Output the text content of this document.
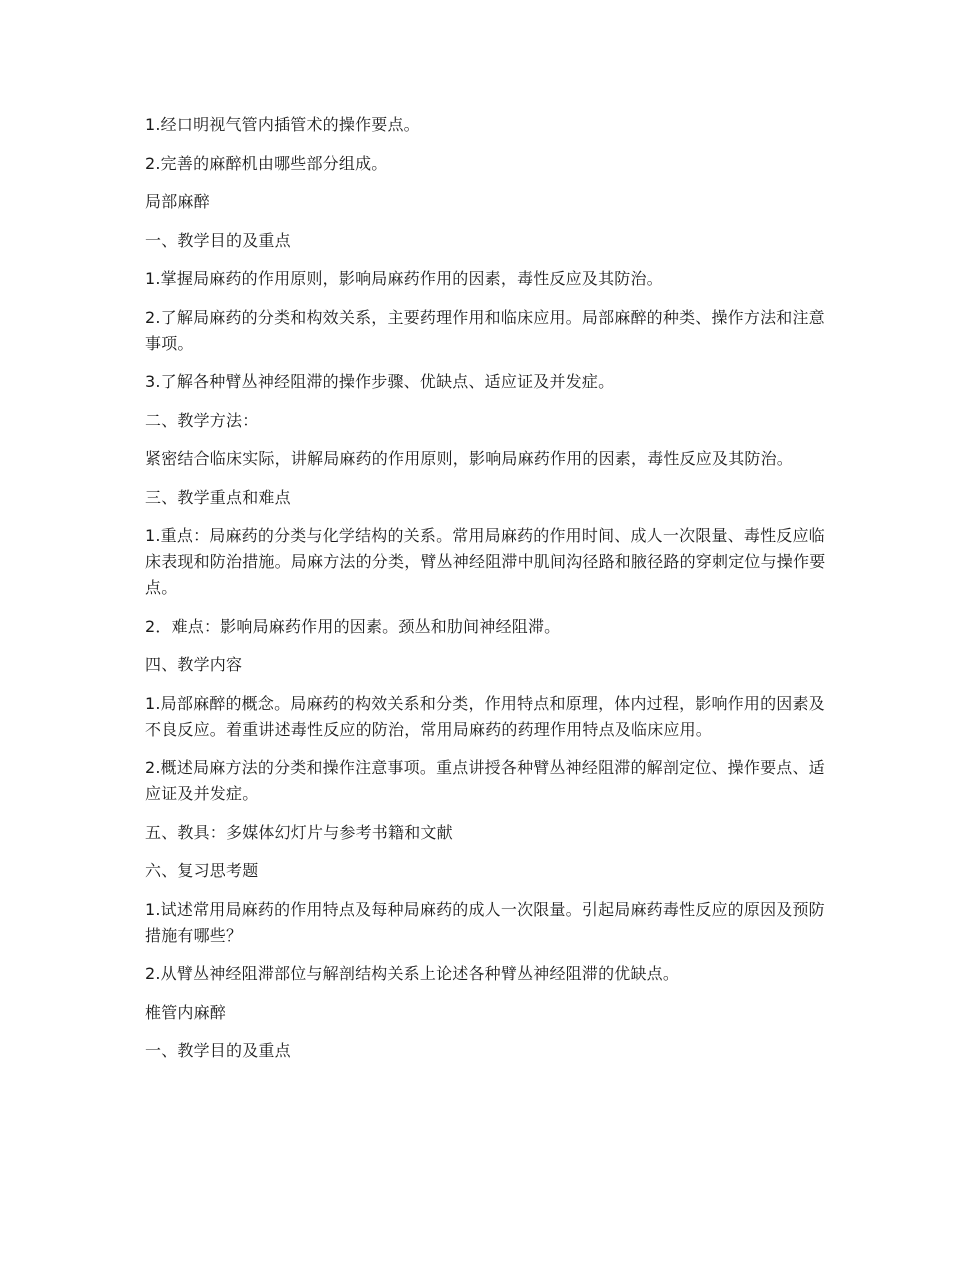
1.经口明视气管内插管术的操作要点。

2.完善的麻醉机由哪些部分组成。

局部麻醉

一、教学目的及重点

1.掌握局麻药的作用原则，影响局麻药作用的因素，毒性反应及其防治。

2.了解局麻药的分类和构效关系，主要药理作用和临床应用。局部麻醉的种类、操作方法和注意事项。

3.了解各种臂丛神经阻滞的操作步骤、优缺点、适应证及并发症。

二、教学方法：

紧密结合临床实际，讲解局麻药的作用原则，影响局麻药作用的因素，毒性反应及其防治。

三、教学重点和难点

1.重点：局麻药的分类与化学结构的关系。常用局麻药的作用时间、成人一次限量、毒性反应临床表现和防治措施。局麻方法的分类，臂丛神经阻滞中肌间沟径路和腋径路的穿刺定位与操作要点。

2．难点：影响局麻药作用的因素。颈丛和肋间神经阻滞。

四、教学内容

1.局部麻醉的概念。局麻药的构效关系和分类，作用特点和原理，体内过程，影响作用的因素及不良反应。着重讲述毒性反应的防治，常用局麻药的药理作用特点及临床应用。

2.概述局麻方法的分类和操作注意事项。重点讲授各种臂丛神经阻滞的解剖定位、操作要点、适应证及并发症。

五、教具：多媒体幻灯片与参考书籍和文献

六、复习思考题

1.试述常用局麻药的作用特点及每种局麻药的成人一次限量。引起局麻药毒性反应的原因及预防措施有哪些？

2.从臂丛神经阻滞部位与解剖结构关系上论述各种臂丛神经阻滞的优缺点。

椎管内麻醉

一、教学目的及重点
